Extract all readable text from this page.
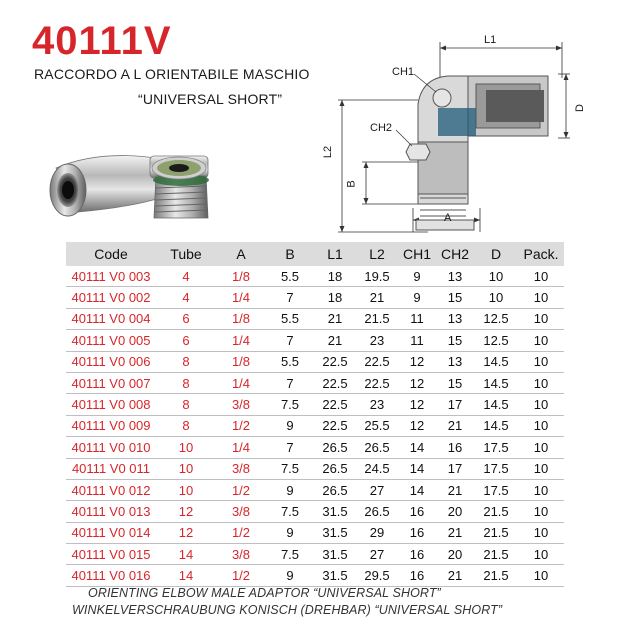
40111V
RACCORDO A L ORIENTABILE MASCHIO
“UNIVERSAL SHORT”
L1
CH1
D
CH2
L2
B
A
Code	Tube	A	B	L1	L2	CH1	CH2	D	Pack.
40111 V0 003	4	1/8	5.5	18	19.5	9	13	10	10
40111 V0 002	4	1/4	7	18	21	9	15	10	10
40111 V0 004	6	1/8	5.5	21	21.5	11	13	12.5	10
40111 V0 005	6	1/4	7	21	23	11	15	12.5	10
40111 V0 006	8	1/8	5.5	22.5	22.5	12	13	14.5	10
40111 V0 007	8	1/4	7	22.5	22.5	12	15	14.5	10
40111 V0 008	8	3/8	7.5	22.5	23	12	17	14.5	10
40111 V0 009	8	1/2	9	22.5	25.5	12	21	14.5	10
40111 V0 010	10	1/4	7	26.5	26.5	14	16	17.5	10
40111 V0 011	10	3/8	7.5	26.5	24.5	14	17	17.5	10
40111 V0 012	10	1/2	9	26.5	27	14	21	17.5	10
40111 V0 013	12	3/8	7.5	31.5	26.5	16	20	21.5	10
40111 V0 014	12	1/2	9	31.5	29	16	21	21.5	10
40111 V0 015	14	3/8	7.5	31.5	27	16	20	21.5	10
40111 V0 016	14	1/2	9	31.5	29.5	16	21	21.5	10
ORIENTING ELBOW MALE ADAPTOR “UNIVERSAL SHORT”
WINKELVERSCHRAUBUNG KONISCH (DREHBAR) “UNIVERSAL SHORT”
